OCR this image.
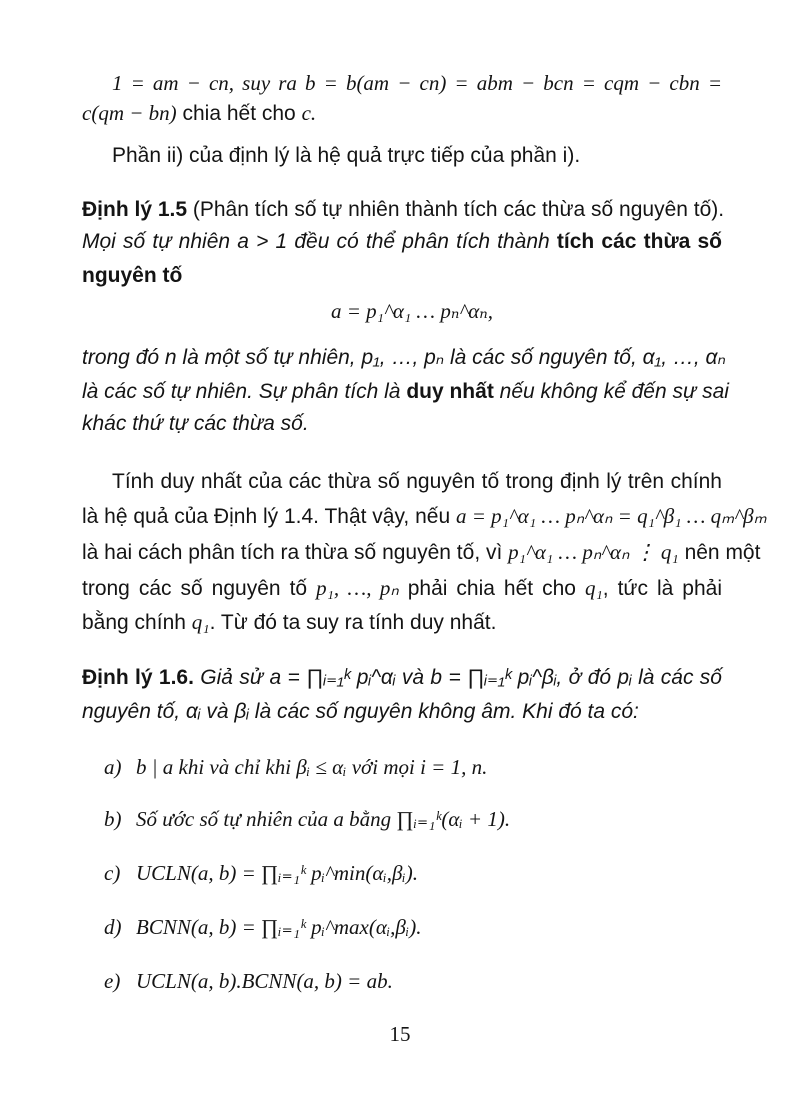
1 = am − cn, suy ra b = b(am − cn) = abm − bcn = cqm − cbn =
c(qm − bn) chia hết cho c.
Phần ii) của định lý là hệ quả trực tiếp của phần i).
Định lý 1.5 (Phân tích số tự nhiên thành tích các thừa số nguyên tố).
Mọi số tự nhiên a > 1 đều có thể phân tích thành tích các thừa số
nguyên tố
a = p₁^α₁ … pₙ^αₙ,
trong đó n là một số tự nhiên, p₁, …, pₙ là các số nguyên tố, α₁, …, αₙ
là các số tự nhiên. Sự phân tích là duy nhất nếu không kể đến sự sai
khác thứ tự các thừa số.
Tính duy nhất của các thừa số nguyên tố trong định lý trên chính
là hệ quả của Định lý 1.4. Thật vậy, nếu a = p₁^α₁ … pₙ^αₙ = q₁^β₁ … qₘ^βₘ
là hai cách phân tích ra thừa số nguyên tố, vì p₁^α₁ … pₙ^αₙ ⋮ q₁ nên một
trong các số nguyên tố p₁, …, pₙ phải chia hết cho q₁, tức là phải
bằng chính q₁. Từ đó ta suy ra tính duy nhất.
Định lý 1.6. Giả sử a = ∏ᵢ₌₁ᵏ pᵢ^αᵢ và b = ∏ᵢ₌₁ᵏ pᵢ^βᵢ, ở đó pᵢ là các số
nguyên tố, αᵢ và βᵢ là các số nguyên không âm. Khi đó ta có:
a) b | a khi và chỉ khi βᵢ ≤ αᵢ với mọi i = 1, n.
b) Số ước số tự nhiên của a bằng ∏ᵢ₌₁ᵏ(αᵢ + 1).
c) UCLN(a, b) = ∏ᵢ₌₁ᵏ pᵢ^min(αᵢ,βᵢ).
d) BCNN(a, b) = ∏ᵢ₌₁ᵏ pᵢ^max(αᵢ,βᵢ).
e) UCLN(a, b).BCNN(a, b) = ab.
15
